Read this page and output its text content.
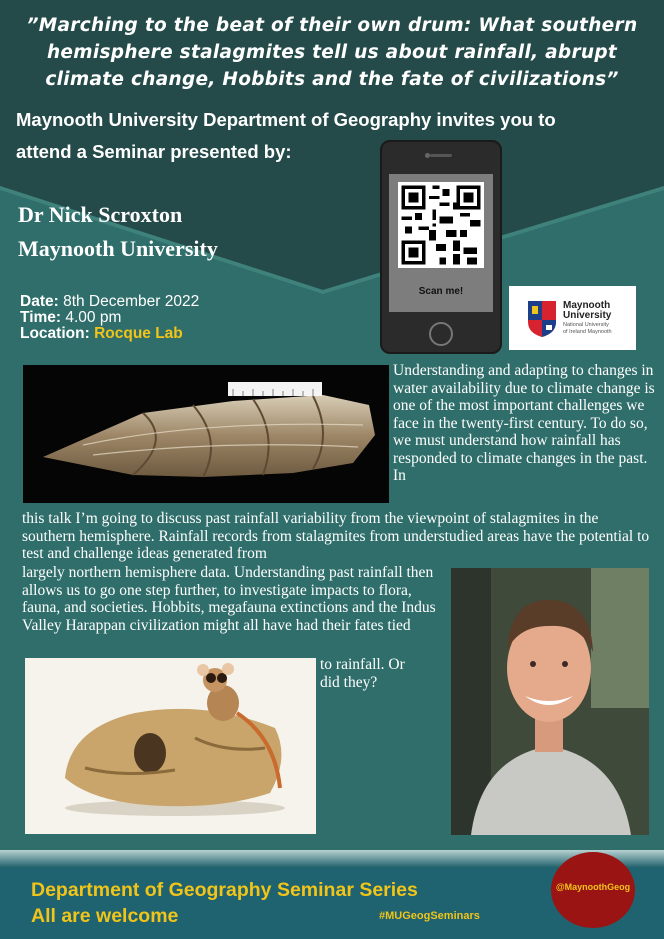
”Marching to the beat of their own drum: What southern hemisphere stalagmites tell us about rainfall, abrupt climate change, Hobbits and the fate of civilizations”
Maynooth University Department of Geography invites you to
attend a Seminar presented by:
Dr Nick Scroxton
Maynooth University
Date: 8th December 2022
Time: 4.00 pm
Location: Rocque Lab
Scan me!
Maynooth
University
National University
of Ireland Maynooth
Understanding and adapting to changes in water availability due to climate change is one of the most important challenges we face in the twenty-first century. To do so, we must understand how rainfall has responded to climate changes in the past. In
this talk I’m going to discuss past rainfall variability from the viewpoint of stalagmites in the southern hemisphere. Rainfall records from stalagmites from understudied areas have the potential to test and challenge ideas generated from
largely northern hemisphere data. Understanding past rainfall then allows us to go one step further, to investigate impacts to flora, fauna, and societies. Hobbits, megafauna extinctions and the Indus Valley Harappan civilization might all have had their fates tied
to rainfall. Or did they?
Department of Geography Seminar Series
All are welcome	#MUGeogSeminars
@MaynoothGeog
